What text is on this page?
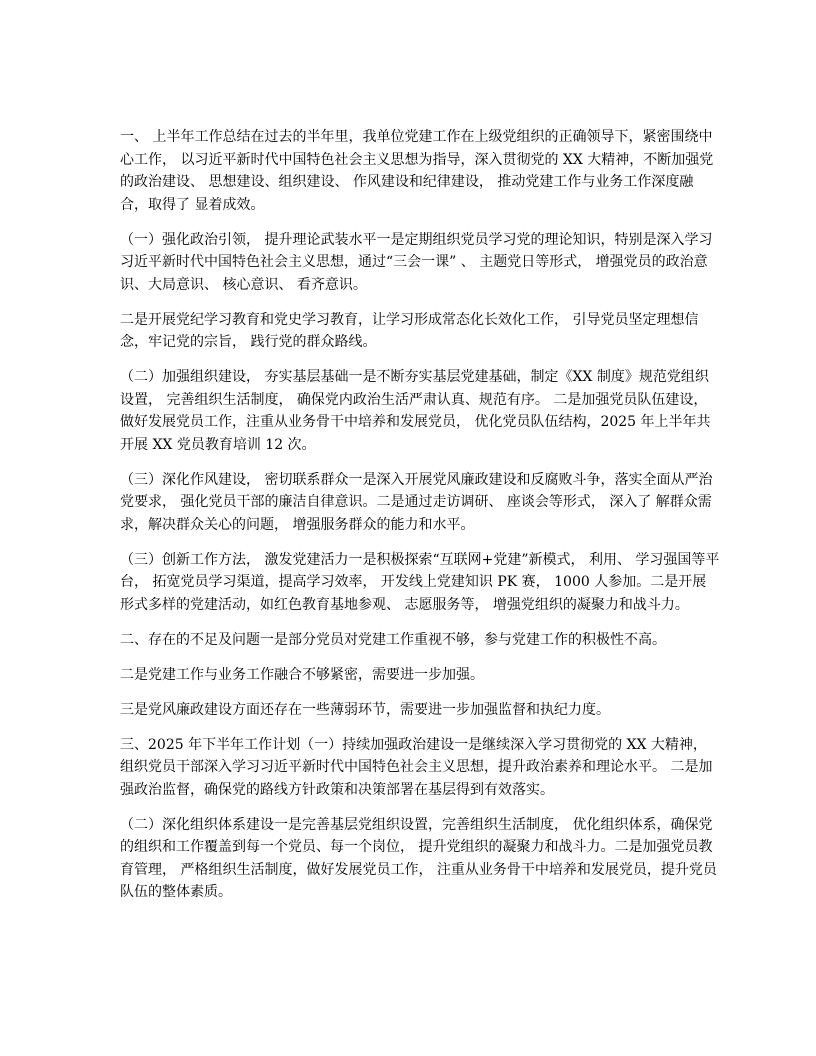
一、 上半年工作总结在过去的半年里，我单位党建工作在上级党组织的正确领导下，紧密围绕中心工作， 以习近平新时代中国特色社会主义思想为指导，深入贯彻党的 XX 大精神，不断加强党的政治建设、 思想建设、组织建设、 作风建设和纪律建设， 推动党建工作与业务工作深度融合，取得了 显着成效。

（一）强化政治引领， 提升理论武装水平一是定期组织党员学习党的理论知识，特别是深入学习习近平新时代中国特色社会主义思想，通过“三会一课” 、 主题党日等形式， 增强党员的政治意识、大局意识、 核心意识、 看齐意识。

二是开展党纪学习教育和党史学习教育，让学习形成常态化长效化工作， 引导党员坚定理想信念，牢记党的宗旨， 践行党的群众路线。

（二）加强组织建设， 夯实基层基础一是不断夯实基层党建基础，制定《XX 制度》规范党组织设置， 完善组织生活制度， 确保党内政治生活严肃认真、规范有序。 二是加强党员队伍建设， 做好发展党员工作，注重从业务骨干中培养和发展党员， 优化党员队伍结构，2025 年上半年共开展 XX 党员教育培训 12 次。

（三）深化作风建设， 密切联系群众一是深入开展党风廉政建设和反腐败斗争，落实全面从严治党要求， 强化党员干部的廉洁自律意识。二是通过走访调研、 座谈会等形式， 深入了 解群众需求，解决群众关心的问题， 增强服务群众的能力和水平。

（三）创新工作方法， 激发党建活力一是积极探索“互联网+党建”新模式， 利用、 学习强国等平台， 拓宽党员学习渠道，提高学习效率， 开发线上党建知识 PK 赛， 1000 人参加。二是开展形式多样的党建活动，如红色教育基地参观、 志愿服务等， 增强党组织的凝聚力和战斗力。

二、存在的不足及问题一是部分党员对党建工作重视不够，参与党建工作的积极性不高。

二是党建工作与业务工作融合不够紧密，需要进一步加强。

三是党风廉政建设方面还存在一些薄弱环节，需要进一步加强监督和执纪力度。

三、2025 年下半年工作计划（一）持续加强政治建设一是继续深入学习贯彻党的 XX 大精神， 组织党员干部深入学习习近平新时代中国特色社会主义思想，提升政治素养和理论水平。 二是加强政治监督，确保党的路线方针政策和决策部署在基层得到有效落实。

（二）深化组织体系建设一是完善基层党组织设置，完善组织生活制度， 优化组织体系，确保党的组织和工作覆盖到每一个党员、每一个岗位， 提升党组织的凝聚力和战斗力。二是加强党员教育管理， 严格组织生活制度，做好发展党员工作， 注重从业务骨干中培养和发展党员，提升党员队伍的整体素质。
